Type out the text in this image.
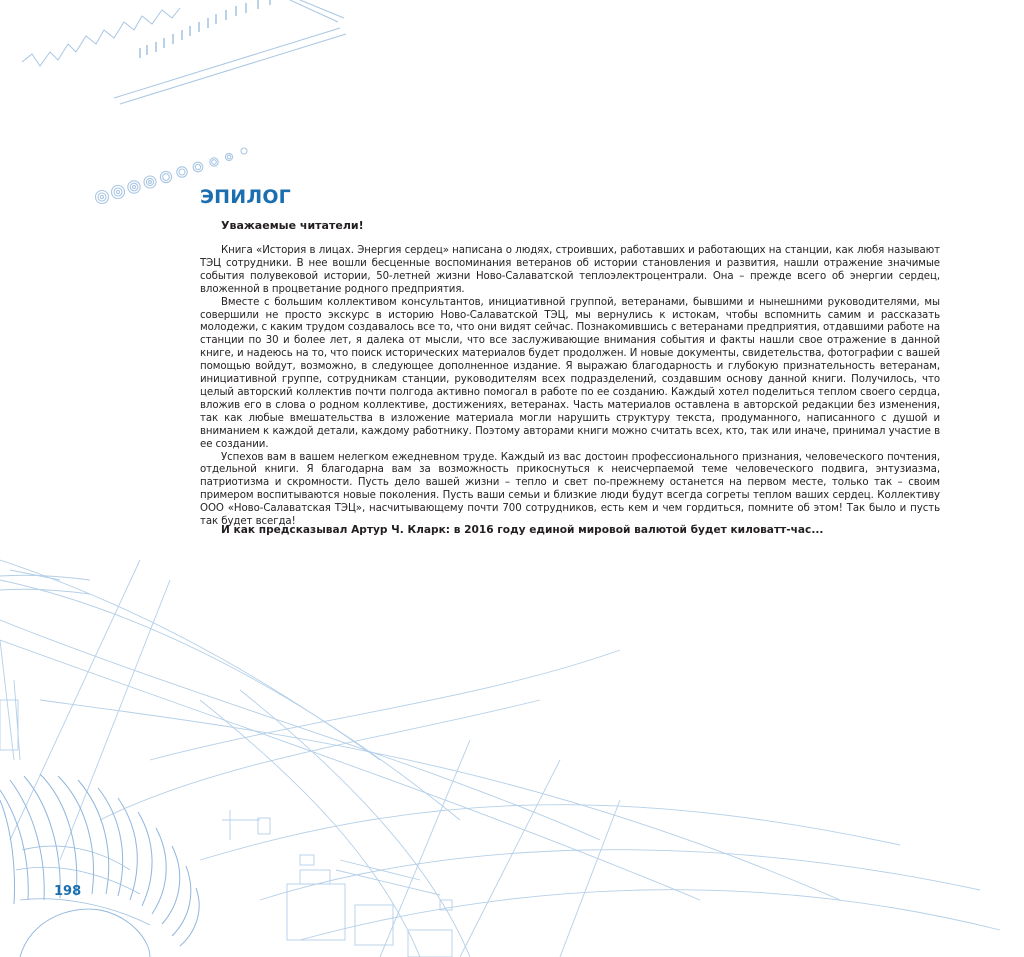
ЭПИЛОГ

Уважаемые читатели!

Книга «История в лицах. Энергия сердец» написана о людях, строивших, работавших и работающих на станции, как любя называют ТЭЦ сотрудники. В нее вошли бесценные воспоминания ветеранов об истории становления и развития, нашли отражение значимые события полувековой истории, 50-летней жизни Ново-Салаватской теплоэлектроцентрали. Она – прежде всего об энергии сердец, вложенной в процветание родного предприятия.

Вместе с большим коллективом консультантов, инициативной группой, ветеранами, бывшими и нынешними руководителями, мы совершили не просто экскурс в историю Ново-Салаватской ТЭЦ, мы вернулись к истокам, чтобы вспомнить самим и рассказать молодежи, с каким трудом создавалось все то, что они видят сейчас. Познакомившись с ветеранами предприятия, отдавшими работе на станции по 30 и более лет, я далека от мысли, что все заслуживающие внимания события и факты нашли свое отражение в данной книге, и надеюсь на то, что поиск исторических материалов будет продолжен. И новые документы, свидетельства, фотографии с вашей помощью войдут, возможно, в следующее дополненное издание. Я выражаю благодарность и глубокую признательность ветеранам, инициативной группе, сотрудникам станции, руководителям всех подразделений, создавшим основу данной книги. Получилось, что целый авторский коллектив почти полгода активно помогал в работе по ее созданию. Каждый хотел поделиться теплом своего сердца, вложив его в слова о родном коллективе, достижениях, ветеранах. Часть материалов оставлена в авторской редакции без изменения, так как любые вмешательства в изложение материала могли нарушить структуру текста, продуманного, написанного с душой и вниманием к каждой детали, каждому работнику. Поэтому авторами книги можно считать всех, кто, так или иначе, принимал участие в ее создании.

Успехов вам в вашем нелегком ежедневном труде. Каждый из вас достоин профессионального признания, человеческого почтения, отдельной книги. Я благодарна вам за возможность прикоснуться к неисчерпаемой теме человеческого подвига, энтузиазма, патриотизма и скромности. Пусть дело вашей жизни – тепло и свет по-прежнему останется на первом месте, только так – своим примером воспитываются новые поколения. Пусть ваши семьи и близкие люди будут всегда согреты теплом ваших сердец. Коллективу ООО «Ново-Салаватская ТЭЦ», насчитывающему почти 700 сотрудников, есть кем и чем гордиться, помните об этом! Так было и пусть так будет всегда!

И как предсказывал Артур Ч. Кларк: в 2016 году единой мировой валютой будет киловатт-час...

198
